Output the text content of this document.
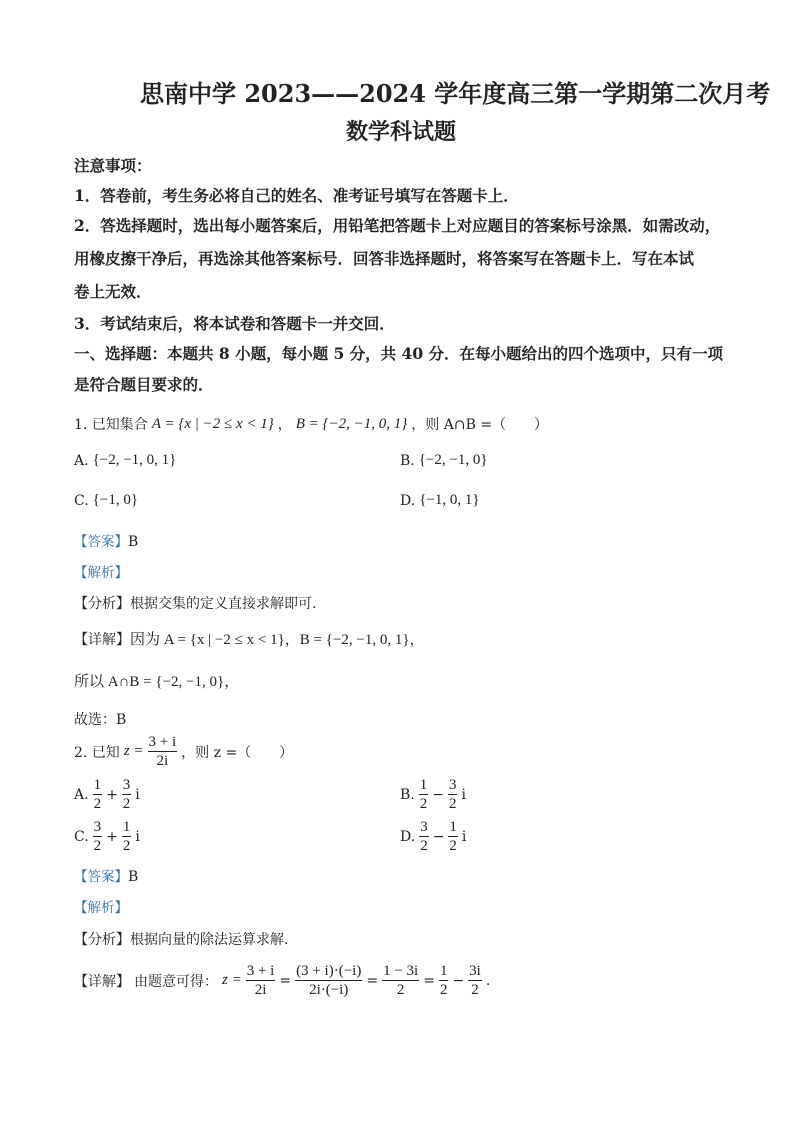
思南中学 2023——2024 学年度高三第一学期第二次月考
数学科试题
注意事项：
1．答卷前，考生务必将自己的姓名、准考证号填写在答题卡上．
2．答选择题时，选出每小题答案后，用铅笔把答题卡上对应题目的答案标号涂黑．如需改动，
用橡皮擦干净后，再选涂其他答案标号．回答非选择题时，将答案写在答题卡上．写在本试
卷上无效．
3．考试结束后，将本试卷和答题卡一并交回．
一、选择题：本题共 8 小题，每小题 5 分，共 40 分．在每小题给出的四个选项中，只有一项
是符合题目要求的．
1. 已知集合 A = {x | −2 ≤ x < 1} ， B = {−2, −1, 0, 1} ，则 A∩B =（　　）
A. {−2, −1, 0, 1}	B. {−2, −1, 0}
C. {−1, 0}	D. {−1, 0, 1}
【答案】B
【解析】
【分析】根据交集的定义直接求解即可.
【详解】因为 A = {x | −2 ≤ x < 1}，B = {−2, −1, 0, 1}，
所以 A∩B = {−2, −1, 0}，
故选：B
2. 已知 $z = \frac{3 + i}{2i}$ ，则 z =（　　）
A. $\frac{1}{2} + \frac{3}{2}$ i	B. $\frac{1}{2} - \frac{3}{2}$ i
C. $\frac{3}{2} + \frac{1}{2}$ i	D. $\frac{3}{2} - \frac{1}{2}$ i
【答案】B
【解析】
【分析】根据向量的除法运算求解.
【详解】 由题意可得： $z = \frac{3 + i}{2i} = \frac{(3 + i)\cdot(-i)}{2i\cdot(-i)} = \frac{1 - 3i}{2} = \frac{1}{2} - \frac{3i}{2}$ .
